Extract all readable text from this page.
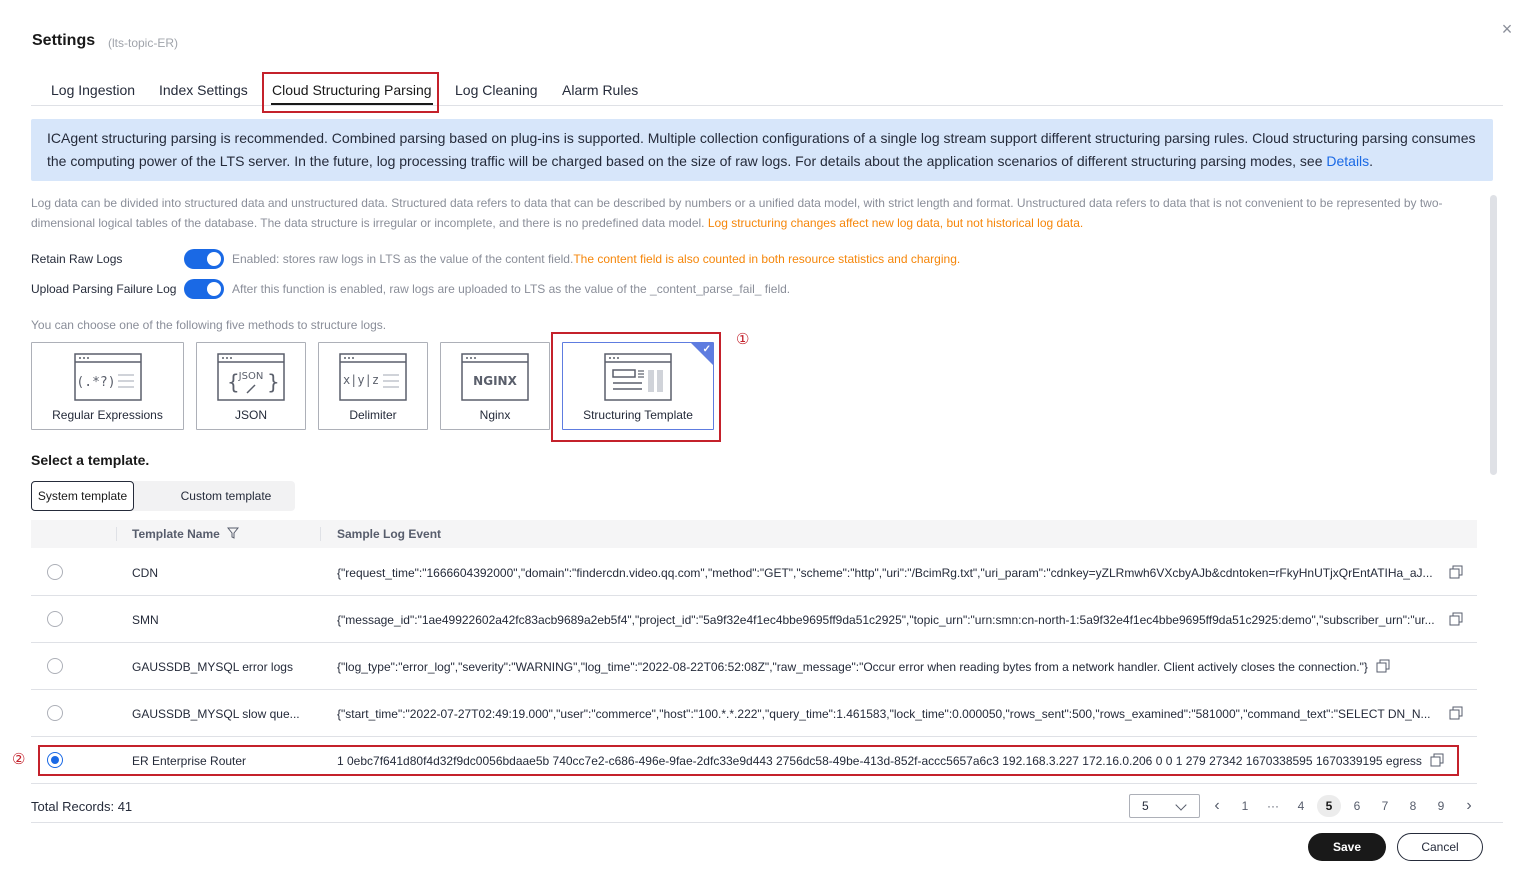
Settings (lts-topic-ER)
×
Log Ingestion Index Settings Cloud Structuring Parsing Log Cleaning Alarm Rules
ICAgent structuring parsing is recommended. Combined parsing based on plug-ins is supported. Multiple collection configurations of a single log stream support different structuring parsing rules. Cloud structuring parsing consumes the computing power of the LTS server. In the future, log processing traffic will be charged based on the size of raw logs. For details about the application scenarios of different structuring parsing modes, see Details.
Log data can be divided into structured data and unstructured data. Structured data refers to data that can be described by numbers or a unified data model, with strict length and format. Unstructured data refers to data that is not convenient to be represented by two-dimensional logical tables of the database. The data structure is irregular or incomplete, and there is no predefined data model. Log structuring changes affect new log data, but not historical log data.
Retain Raw Logs	Enabled: stores raw logs in LTS as the value of the content field.The content field is also counted in both resource statistics and charging.
Upload Parsing Failure Log	After this function is enabled, raw logs are uploaded to LTS as the value of the _content_parse_fail_ field.
You can choose one of the following five methods to structure logs.
(.*?)
Regular Expressions
{
JSON }
JSON
x|y|z
Delimiter
NGINX
Nginx	Structuring Template
✓
①
Select a template.
System template	Custom template
Template Name	Sample Log Event
CDN	{"request_time":"1666604392000","domain":"findercdn.video.qq.com","method":"GET","scheme":"http","uri":"/BcimRg.txt","uri_param":"cdnkey=yZLRmwh6VXcbyAJb&cdntoken=rFkyHnUTjxQrEntATIHa_aJ...
SMN	{"message_id":"1ae49922602a42fc83acb9689a2eb5f4","project_id":"5a9f32e4f1ec4bbe9695ff9da51c2925","topic_urn":"urn:smn:cn-north-1:5a9f32e4f1ec4bbe9695ff9da51c2925:demo","subscriber_urn":"ur...
GAUSSDB_MYSQL error logs	{"log_type":"error_log","severity":"WARNING","log_time":"2022-08-22T06:52:08Z","raw_message":"Occur error when reading bytes from a network handler. Client actively closes the connection."}
GAUSSDB_MYSQL slow que...	{"start_time":"2022-07-27T02:49:19.000","user":"commerce","host":"100.*.*.222","query_time":1.461583,"lock_time":0.000050,"rows_sent":500,"rows_examined":"581000","command_text":"SELECT DN_N...
ER Enterprise Router	1 0ebc7f641d80f4d32f9dc0056bdaae5b 740cc7e2-c686-496e-9fae-2dfc33e9d443 2756dc58-49be-413d-852f-accc5657a6c3 192.168.3.227 172.16.0.206 0 0 1 279 27342 1670338595 1670339195 egress
②
Total Records: 41	5	‹	1	···	4	5	6	7	8	9	›
Save	Cancel
